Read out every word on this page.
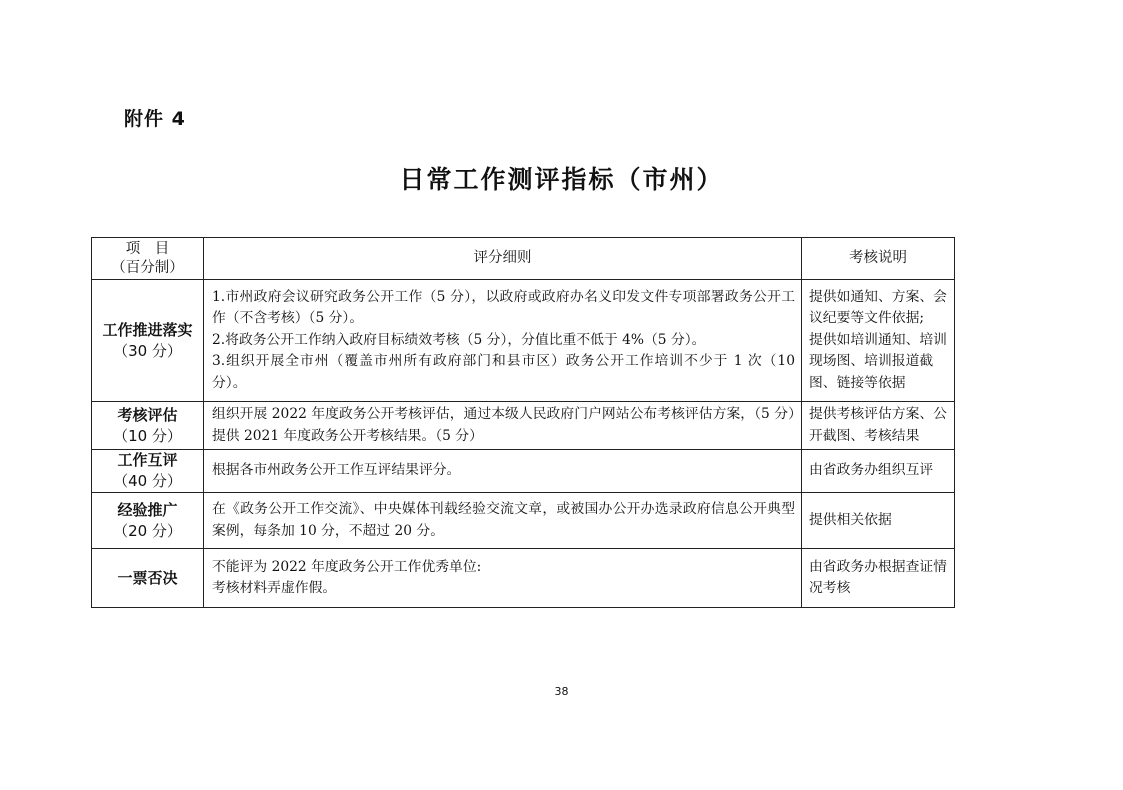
附件 4
日常工作测评指标（市州）
项　目
（百分制）	评分细则	考核说明

工作推进落实
（30 分）	1.市州政府会议研究政务公开工作（5 分），以政府或政府办名义印发文件专项部署政务公开工作（不含考核）（5 分）。
2.将政务公开工作纳入政府目标绩效考核（5 分），分值比重不低于 4%（5 分）。
3.组织开展全市州（覆盖市州所有政府部门和县市区）政务公开工作培训不少于 1 次（10 分）。	提供如通知、方案、会议纪要等文件依据;
提供如培训通知、培训现场图、培训报道截图、链接等依据

考核评估
（10 分）	组织开展 2022 年度政务公开考核评估，通过本级人民政府门户网站公布考核评估方案，（5 分）提供 2021 年度政务公开考核结果。（5 分）	提供考核评估方案、公开截图、考核结果

工作互评
（40 分）	根据各市州政务公开工作互评结果评分。	由省政务办组织互评

经验推广
（20 分）	在《政务公开工作交流》、中央媒体刊载经验交流文章，或被国办公开办选录政府信息公开典型案例，每条加 10 分，不超过 20 分。	提供相关依据

一票否决	不能评为 2022 年度政务公开工作优秀单位:
考核材料弄虚作假。	由省政务办根据查证情况考核
38
